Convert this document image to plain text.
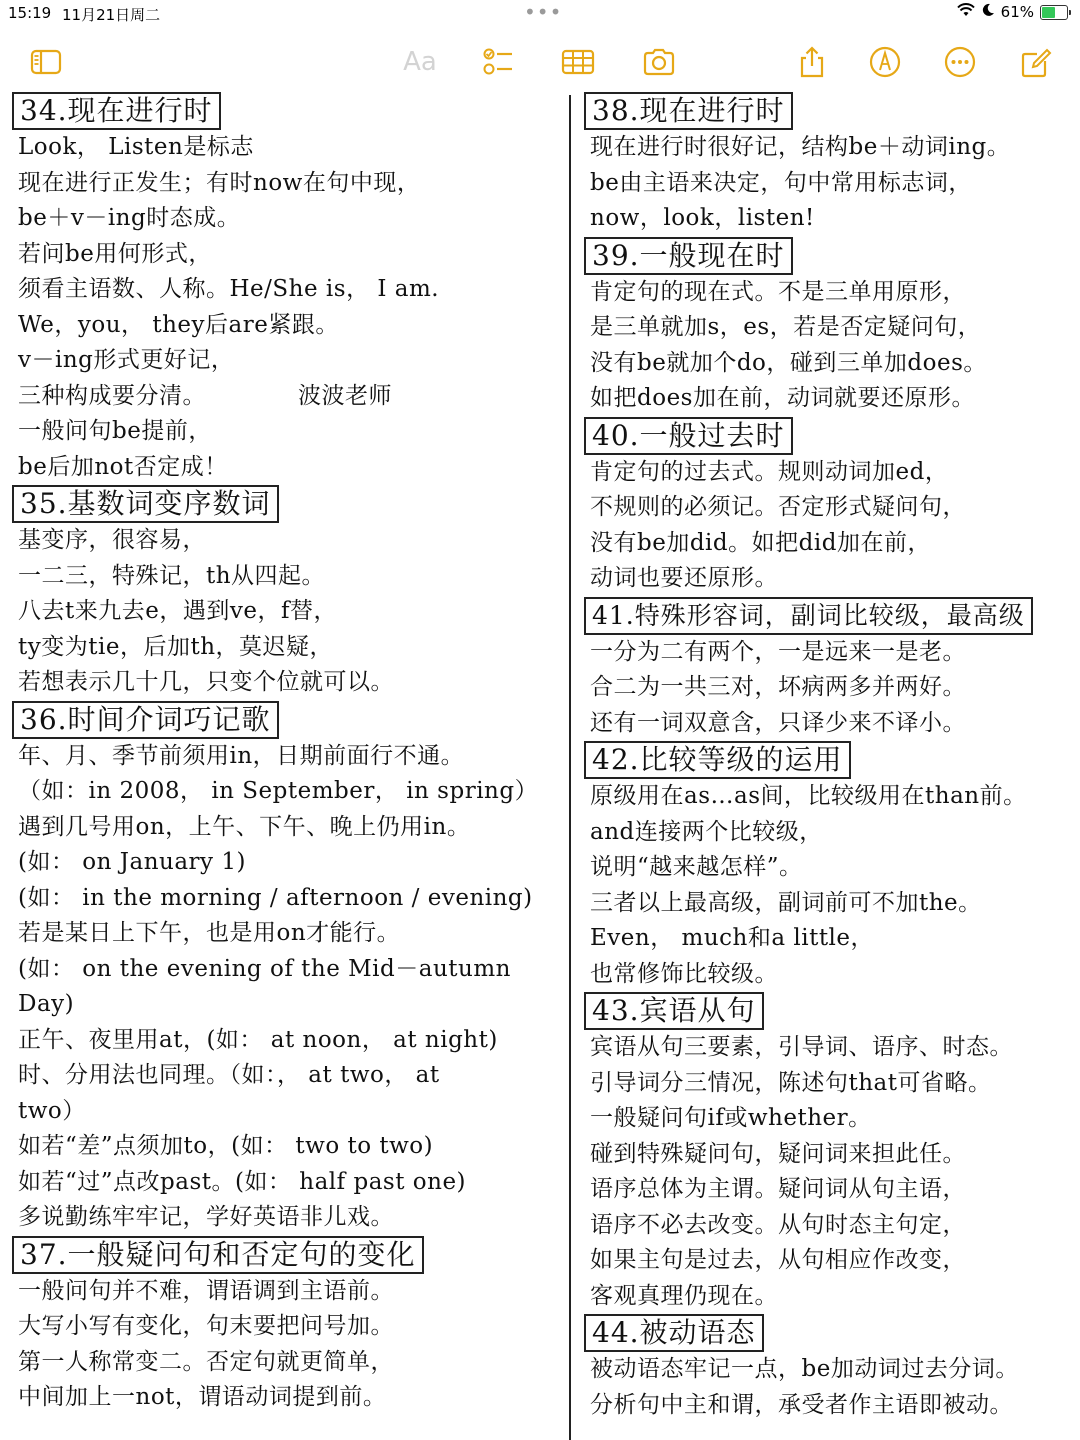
15:19 11月21日周二	•••	61%
Aa
34.现在进行时
Look， Listen是标志
现在进行正发生；有时now在句中现，
be＋v－ing时态成。
若问be用何形式，
须看主语数、人称。He/She is， I am.
We，you， they后are紧跟。
v－ing形式更好记，
三种构成要分清。	波波老师
一般问句be提前，
be后加not否定成！
35.基数词变序数词
基变序，很容易，
一二三，特殊记，th从四起。
八去t来九去e，遇到ve，f替，
ty变为tie，后加th，莫迟疑，
若想表示几十几，只变个位就可以。
36.时间介词巧记歌
年、月、季节前须用in，日期前面行不通。
（如：in 2008， in September， in spring）
遇到几号用on，上午、下午、晚上仍用in。
(如： on January 1)
(如： in the morning / afternoon / evening)
若是某日上下午，也是用on才能行。
(如： on the evening of the Mid－autumn
Day)
正午、夜里用at，(如： at noon， at night)
时、分用法也同理。（如：， at two， at
two）
如若“差”点须加to，(如： two to two)
如若“过”点改past。(如： half past one)
多说勤练牢牢记，学好英语非儿戏。
37.一般疑问句和否定句的变化
一般问句并不难，谓语调到主语前。
大写小写有变化，句末要把问号加。
第一人称常变二。否定句就更简单，
中间加上一not，谓语动词提到前。
38.现在进行时
现在进行时很好记，结构be＋动词ing。
be由主语来决定，句中常用标志词，
now，look，listen!
39.一般现在时
肯定句的现在式。不是三单用原形，
是三单就加s，es，若是否定疑问句，
没有be就加个do，碰到三单加does。
如把does加在前，动词就要还原形。
40.一般过去时
肯定句的过去式。规则动词加ed，
不规则的必须记。否定形式疑问句，
没有be加did。如把did加在前，
动词也要还原形。
41.特殊形容词，副词比较级，最高级
一分为二有两个，一是远来一是老。
合二为一共三对，坏病两多并两好。
还有一词双意含，只译少来不译小。
42.比较等级的运用
原级用在as…as间，比较级用在than前。
and连接两个比较级，
说明“越来越怎样”。
三者以上最高级，副词前可不加the。
Even， much和a little，
也常修饰比较级。
43.宾语从句
宾语从句三要素，引导词、语序、时态。
引导词分三情况，陈述句that可省略。
一般疑问句if或whether。
碰到特殊疑问句，疑问词来担此任。
语序总体为主谓。疑问词从句主语，
语序不必去改变。从句时态主句定，
如果主句是过去，从句相应作改变，
客观真理仍现在。
44.被动语态
被动语态牢记一点，be加动词过去分词。
分析句中主和谓，承受者作主语即被动。
